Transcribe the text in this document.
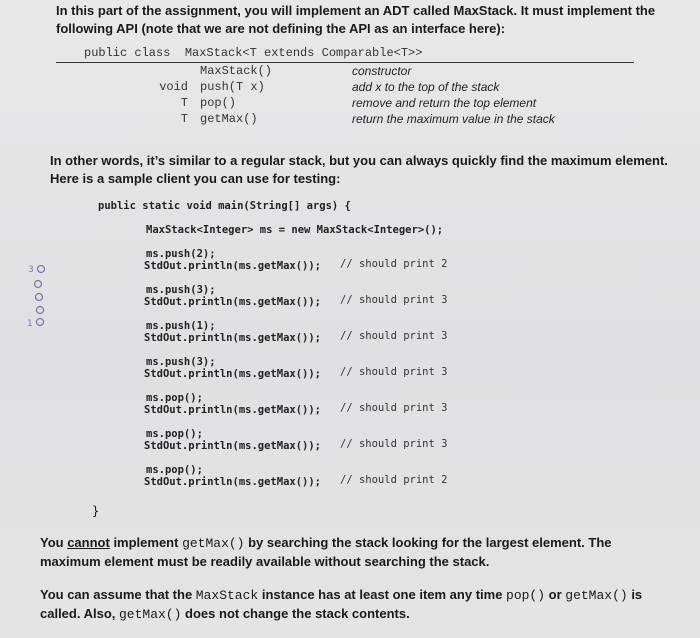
In this part of the assignment, you will implement an ADT called MaxStack. It must implement the
following API (note that we are not defining the API as an interface here):
public class  MaxStack<T extends Comparable<T>>
MaxStack()	constructor
void push(T x)	add x to the top of the stack
T pop()	remove and return the top element
T getMax()	return the maximum value in the stack
In other words, it’s similar to a regular stack, but you can always quickly find the maximum element.
Here is a sample client you can use for testing:
public static void main(String[] args) {
MaxStack<Integer> ms = new MaxStack<Integer>();
ms.push(2);
StdOut.println(ms.getMax()); // should print 2
ms.push(3);
StdOut.println(ms.getMax()); // should print 3
ms.push(1);
StdOut.println(ms.getMax()); // should print 3
ms.push(3);
StdOut.println(ms.getMax()); // should print 3
ms.pop();
StdOut.println(ms.getMax()); // should print 3
ms.pop();
StdOut.println(ms.getMax()); // should print 3
ms.pop();
StdOut.println(ms.getMax()); // should print 2
}
3
1
You cannot implement getMax() by searching the stack looking for the largest element. The
maximum element must be readily available without searching the stack.
You can assume that the MaxStack instance has at least one item any time pop() or getMax() is
called. Also, getMax() does not change the stack contents.
